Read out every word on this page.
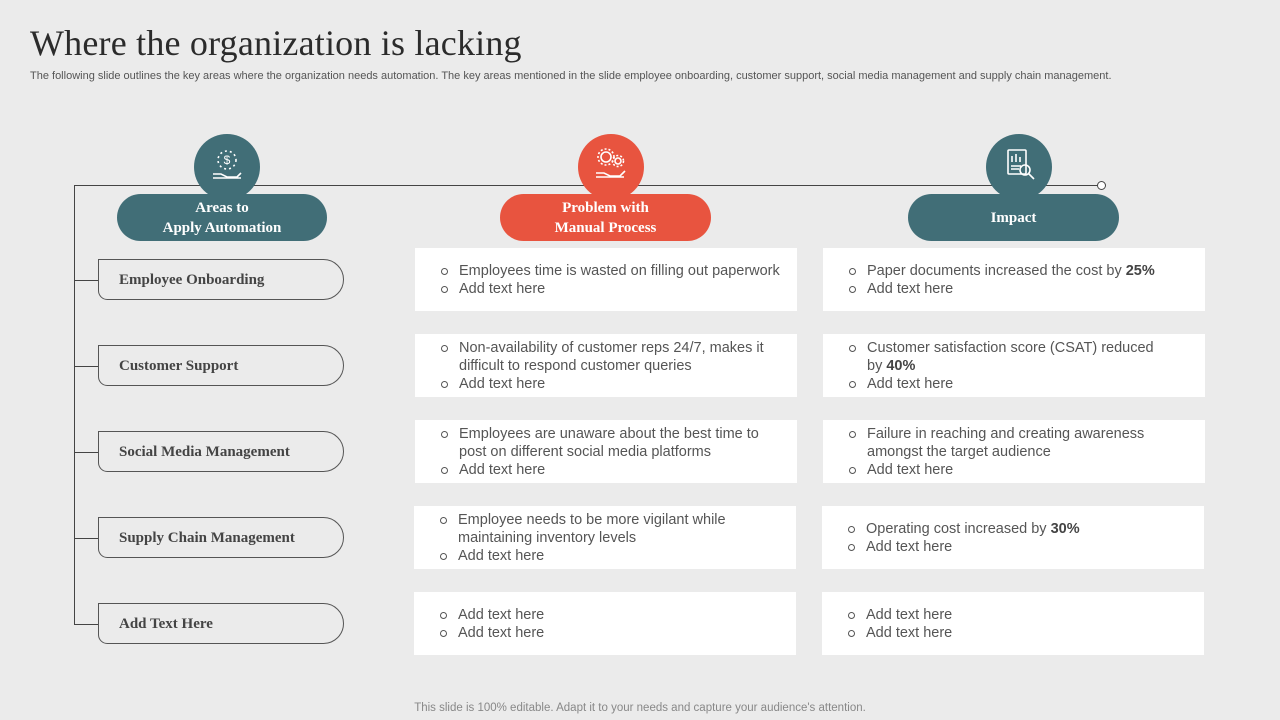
Where the organization is lacking
The following slide outlines the key areas where the organization needs automation. The key areas mentioned in the slide employee onboarding, customer support, social media management and supply chain management.
$
Areas to
Apply Automation
Problem with
Manual Process
Impact
Employee Onboarding
Employees time is wasted on filling out paperwork
Add text here
Paper documents increased the cost by 25%
Add text here
Customer Support
Non-availability of customer reps 24/7, makes it difficult to respond customer queries
Add text here
Customer satisfaction score (CSAT) reduced by 40%
Add text here
Social Media Management
Employees are unaware about the best time to post on different social media platforms
Add text here
Failure in reaching and creating awareness amongst the target audience
Add text here
Supply Chain Management
Employee needs to be more vigilant while maintaining inventory levels
Add text here
Operating cost increased by 30%
Add text here
Add Text Here
Add text here
Add text here
Add text here
Add text here
This slide is 100% editable. Adapt it to your needs and capture your audience's attention.
